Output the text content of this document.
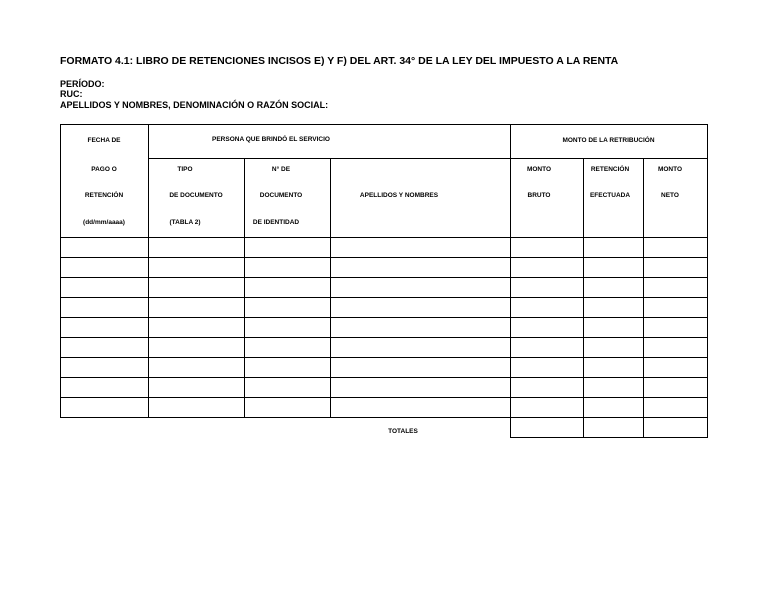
FORMATO 4.1: LIBRO DE RETENCIONES INCISOS E) Y F) DEL ART. 34° DE LA LEY DEL IMPUESTO A LA RENTA
PERÍODO:
RUC:
APELLIDOS Y NOMBRES, DENOMINACIÓN O RAZÓN SOCIAL:
FECHA DE
PAGO O
RETENCIÓN
(dd/mm/aaaa)
PERSONA QUE BRINDÓ EL SERVICIO	MONTO DE LA RETRIBUCIÓN
TIPO
DE DOCUMENTO
(TABLA 2)
N° DE
DOCUMENTO
DE IDENTIDAD
APELLIDOS Y NOMBRES
MONTO
BRUTO
RETENCIÓN
EFECTUADA
MONTO
NETO
TOTALES
